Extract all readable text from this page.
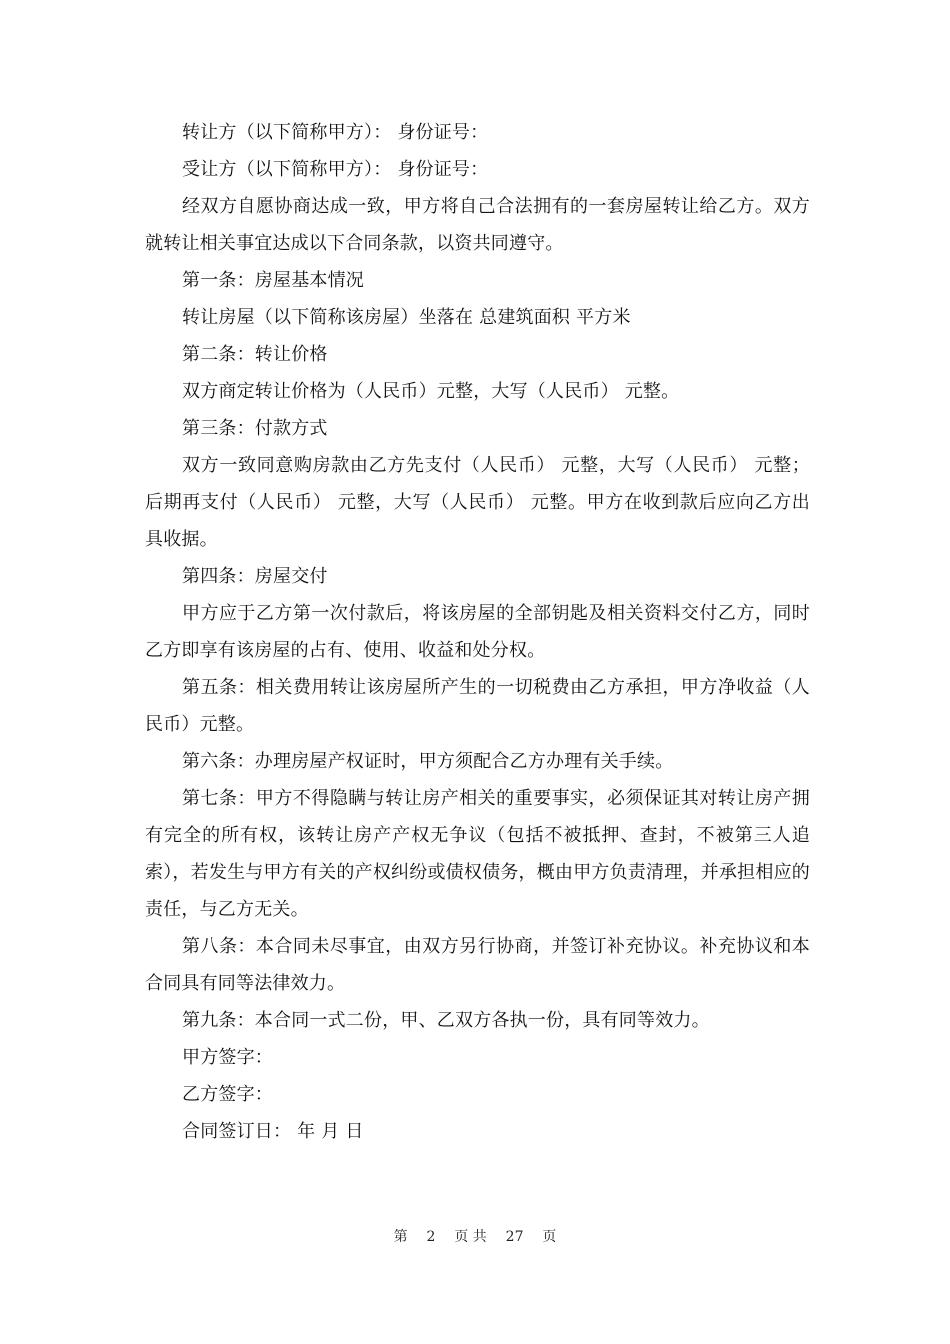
转让方（以下简称甲方）： 身份证号：

受让方（以下简称甲方）： 身份证号：

经双方自愿协商达成一致，甲方将自己合法拥有的一套房屋转让给乙方。双方就转让相关事宜达成以下合同条款，以资共同遵守。

第一条：房屋基本情况

转让房屋（以下简称该房屋）坐落在 总建筑面积 平方米

第二条：转让价格

双方商定转让价格为（人民币）元整，大写（人民币） 元整。

第三条：付款方式

双方一致同意购房款由乙方先支付（人民币） 元整，大写（人民币） 元整；后期再支付（人民币） 元整，大写（人民币） 元整。甲方在收到款后应向乙方出具收据。

第四条：房屋交付

甲方应于乙方第一次付款后，将该房屋的全部钥匙及相关资料交付乙方，同时乙方即享有该房屋的占有、使用、收益和处分权。

第五条：相关费用转让该房屋所产生的一切税费由乙方承担，甲方净收益（人民币）元整。

第六条：办理房屋产权证时，甲方须配合乙方办理有关手续。

第七条：甲方不得隐瞒与转让房产相关的重要事实，必须保证其对转让房产拥有完全的所有权，该转让房产产权无争议（包括不被抵押、查封，不被第三人追索），若发生与甲方有关的产权纠纷或债权债务，概由甲方负责清理，并承担相应的责任，与乙方无关。

第八条：本合同未尽事宜，由双方另行协商，并签订补充协议。补充协议和本合同具有同等法律效力。

第九条：本合同一式二份，甲、乙双方各执一份，具有同等效力。

甲方签字：

乙方签字：

合同签订日： 年 月 日

第 2 页 共 27 页
